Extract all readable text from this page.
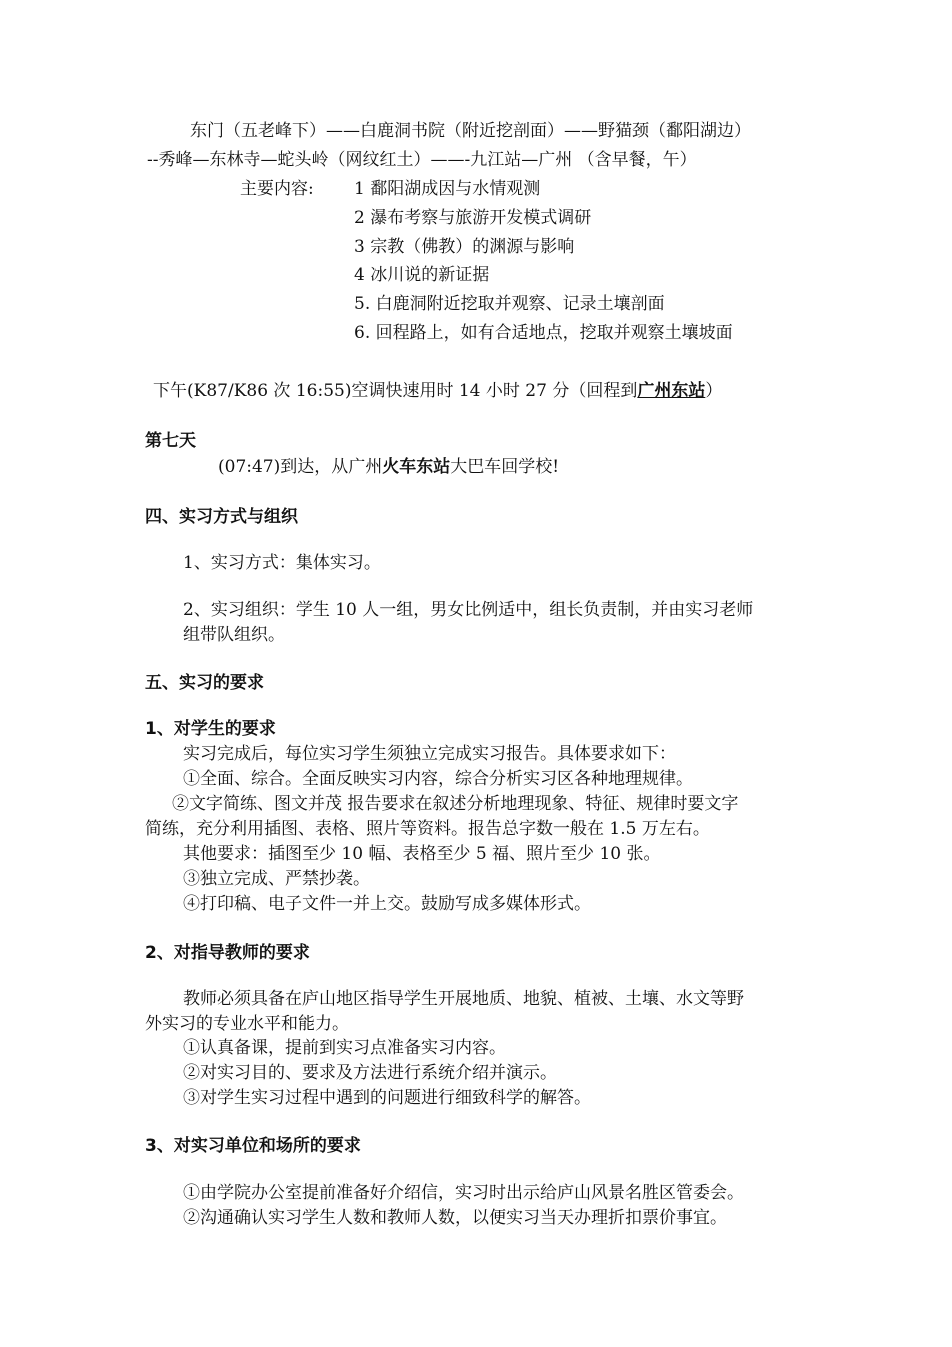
东门（五老峰下）——白鹿洞书院（附近挖剖面）——野猫颈（鄱阳湖边）
--秀峰—东林寺—蛇头岭（网纹红土）——-九江站—广州 （含早餐，午）
主要内容: 1 鄱阳湖成因与水情观测
2 瀑布考察与旅游开发模式调研
3 宗教（佛教）的渊源与影响
4 冰川说的新证据
5. 白鹿洞附近挖取并观察、记录土壤剖面
6. 回程路上，如有合适地点，挖取并观察土壤坡面
下午(K87/K86 次 16:55)空调快速用时 14 小时 27 分（回程到广州东站）
第七天
(07:47)到达，从广州火车东站大巴车回学校!
四、实习方式与组织
1、实习方式：集体实习。
2、实习组织：学生 10 人一组，男女比例适中，组长负责制，并由实习老师
组带队组织。
五、实习的要求
1、对学生的要求
实习完成后，每位实习学生须独立完成实习报告。具体要求如下：
①全面、综合。全面反映实习内容，综合分析实习区各种地理规律。
②文字简练、图文并茂 报告要求在叙述分析地理现象、特征、规律时要文字
简练，充分利用插图、表格、照片等资料。报告总字数一般在 1.5 万左右。
其他要求：插图至少 10 幅、表格至少 5 福、照片至少 10 张。
③独立完成、严禁抄袭。
④打印稿、电子文件一并上交。鼓励写成多媒体形式。
2、对指导教师的要求
教师必须具备在庐山地区指导学生开展地质、地貌、植被、土壤、水文等野
外实习的专业水平和能力。
①认真备课，提前到实习点准备实习内容。
②对实习目的、要求及方法进行系统介绍并演示。
③对学生实习过程中遇到的问题进行细致科学的解答。
3、对实习单位和场所的要求
①由学院办公室提前准备好介绍信，实习时出示给庐山风景名胜区管委会。
②沟通确认实习学生人数和教师人数，以便实习当天办理折扣票价事宜。
